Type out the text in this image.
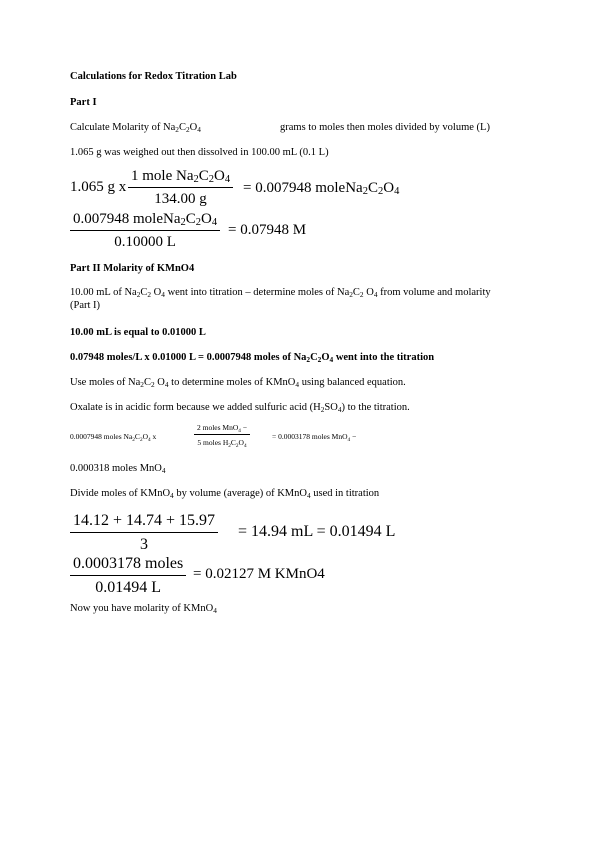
Calculations for Redox Titration Lab
Part I
Calculate Molarity of $Na_2C_2O_4$	grams to moles then moles divided by volume (L)
1.065 g was weighed out then dissolved in 100.00 mL (0.1 L)
1.065 g x
1 mole $Na_2C_2O_4$
134.00 g
= 0.007948 $moleNa_2C_2O_4$
0.007948 $moleNa_2C_2O_4$
0.10000 L
= 0.07948 M
Part II Molarity of KMnO4
10.00 mL of $Na_2C_2$ $O_4$ went into titration – determine moles of $Na_2C_2$ $O_4$ from volume and molarity (Part I)
10.00 mL is equal to 0.01000 L
0.07948 moles/L x 0.01000 L = 0.0007948 moles of $Na_2C_2O_4$ went into the titration
Use moles of $Na_2C_2$ $O_4$ to determine moles of KMnO$_4$ using balanced equation.
Oxalate is in acidic form because we added sulfuric acid $(H_2SO_4)$ to the titration.
0.0007948 moles $Na_2C_2O_4$ x
2 moles MnO$_4$ −
5 moles $H_2C_2O_4$
= 0.0003178 moles MnO$_4$ −
0.000318 moles MnO$_4$
Divide moles of KMnO$_4$ by volume (average) of KMnO$_4$ used in titration
$\frac{14.12 + 14.74 + 15.97}{3} = 14.94$ mL = 0.01494 L
0.0003178 moles
0.01494 L
= 0.02127 M KMnO4
Now you have molarity of KMnO$_4$
